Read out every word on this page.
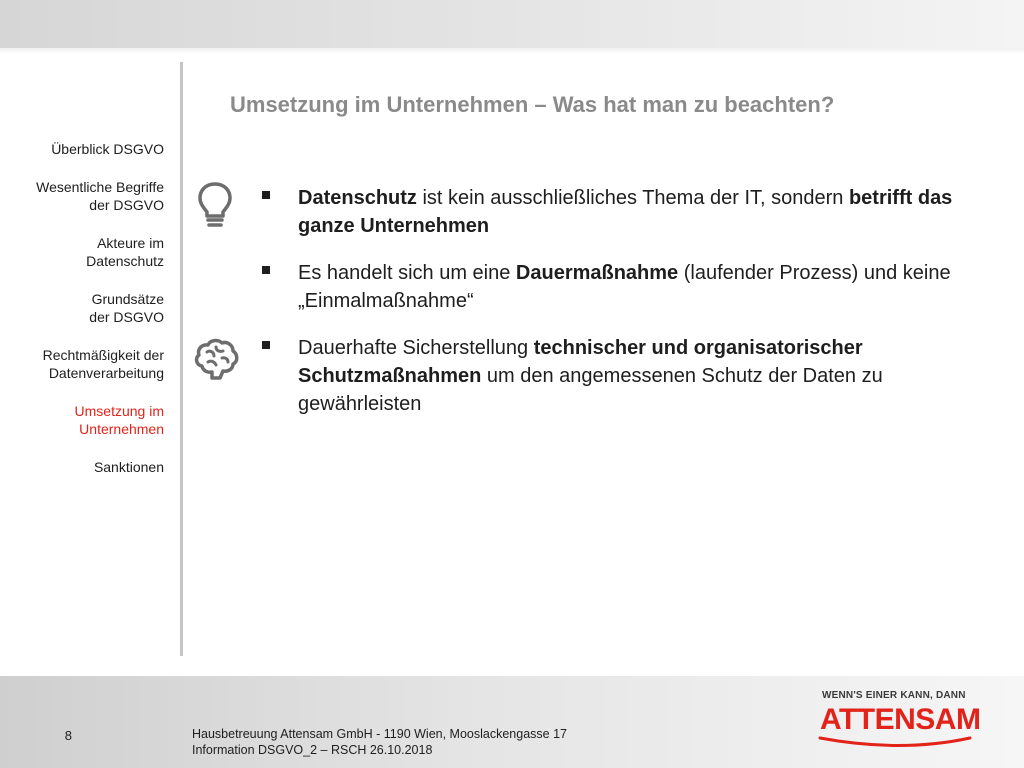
Überblick DSGVO
Wesentliche Begriffe
der DSGVO
Akteure im
Datenschutz
Grundsätze
der DSGVO
Rechtmäßigkeit der
Datenverarbeitung
Umsetzung im
Unternehmen
Sanktionen
Umsetzung im Unternehmen – Was hat man zu beachten?
Datenschutz ist kein ausschließliches Thema der IT, sondern betrifft das ganze Unternehmen
Es handelt sich um eine Dauermaßnahme (laufender Prozess) und keine „Einmalmaßnahme“
Dauerhafte Sicherstellung technischer und organisatorischer Schutzmaßnahmen um den angemessenen Schutz der Daten zu gewährleisten
8	Hausbetreuung Attensam GmbH - 1190 Wien, Mooslackengasse 17
Information DSGVO_2 – RSCH 26.10.2018
WENN'S EINER KANN, DANN
ATTENSAM
